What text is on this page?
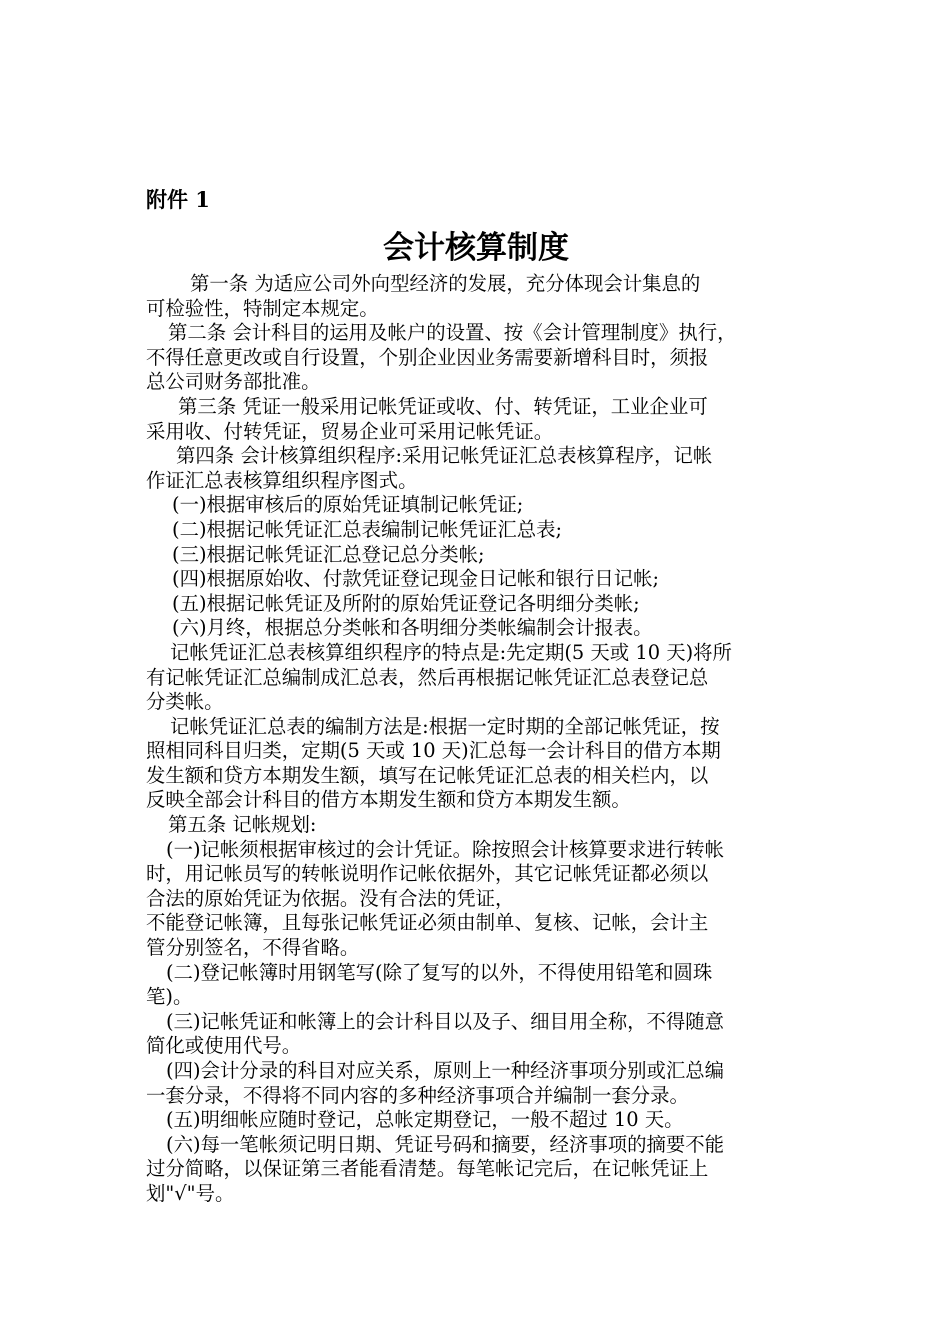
附件 1
会计核算制度
第一条 为适应公司外向型经济的发展，充分体现会计集息的
可检验性，特制定本规定。
第二条 会计科目的运用及帐户的设置、按《会计管理制度》执行，
不得任意更改或自行设置，个别企业因业务需要新增科目时，须报
总公司财务部批准。
第三条 凭证一般采用记帐凭证或收、付、转凭证，工业企业可
采用收、付转凭证，贸易企业可采用记帐凭证。
第四条 会计核算组织程序:采用记帐凭证汇总表核算程序，记帐
作证汇总表核算组织程序图式。
(一)根据审核后的原始凭证填制记帐凭证;
(二)根据记帐凭证汇总表编制记帐凭证汇总表;
(三)根据记帐凭证汇总登记总分类帐;
(四)根据原始收、付款凭证登记现金日记帐和银行日记帐;
(五)根据记帐凭证及所附的原始凭证登记各明细分类帐;
(六)月终，根据总分类帐和各明细分类帐编制会计报表。
记帐凭证汇总表核算组织程序的特点是:先定期(5 天或 10 天)将所
有记帐凭证汇总编制成汇总表，然后再根据记帐凭证汇总表登记总
分类帐。
记帐凭证汇总表的编制方法是:根据一定时期的全部记帐凭证，按
照相同科目归类，定期(5 天或 10 天)汇总每一会计科目的借方本期
发生额和贷方本期发生额，填写在记帐凭证汇总表的相关栏内，以
反映全部会计科目的借方本期发生额和贷方本期发生额。
第五条 记帐规划:
(一)记帐须根据审核过的会计凭证。除按照会计核算要求进行转帐
时，用记帐员写的转帐说明作记帐依据外，其它记帐凭证都必须以
合法的原始凭证为依据。没有合法的凭证，
不能登记帐簿，且每张记帐凭证必须由制单、复核、记帐，会计主
管分别签名，不得省略。
(二)登记帐簿时用钢笔写(除了复写的以外，不得使用铅笔和圆珠
笔)。
(三)记帐凭证和帐簿上的会计科目以及子、细目用全称，不得随意
简化或使用代号。
(四)会计分录的科目对应关系，原则上一种经济事项分别或汇总编
一套分录，不得将不同内容的多种经济事项合并编制一套分录。
(五)明细帐应随时登记，总帐定期登记，一般不超过 10 天。
(六)每一笔帐须记明日期、凭证号码和摘要，经济事项的摘要不能
过分简略，以保证第三者能看清楚。每笔帐记完后，在记帐凭证上
划"√"号。
